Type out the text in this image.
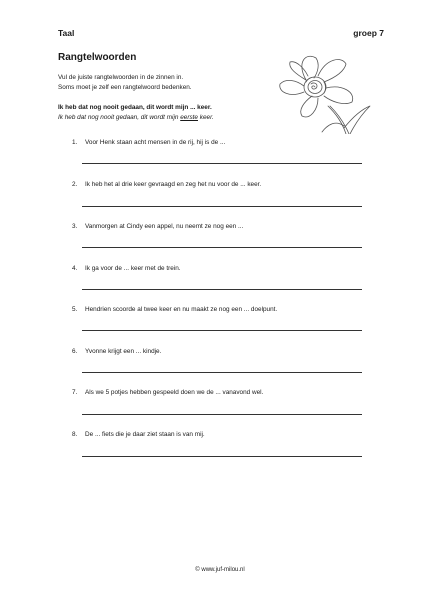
Taal	groep 7
Rangtelwoorden
Vul de juiste rangtelwoorden in de zinnen in.
Soms moet je zelf een rangtelwoord bedenken.
Ik heb dat nog nooit gedaan, dit wordt mijn ... keer.
Ik heb dat nog nooit gedaan, dit wordt mijn eerste keer.
1. Voor Henk staan acht mensen in de rij, hij is de ...
2. Ik heb het al drie keer gevraagd en zeg het nu voor de ... keer.
3. Vanmorgen at Cindy een appel, nu neemt ze nog een ...
4. Ik ga voor de ... keer met de trein.
5. Hendrien scoorde al twee keer en nu maakt ze nog een ... doelpunt.
6. Yvonne krijgt een ... kindje.
7. Als we 5 potjes hebben gespeeld doen we de ... vanavond wel.
8. De ... fiets die je daar ziet staan is van mij.
© www.juf-milou.nl
